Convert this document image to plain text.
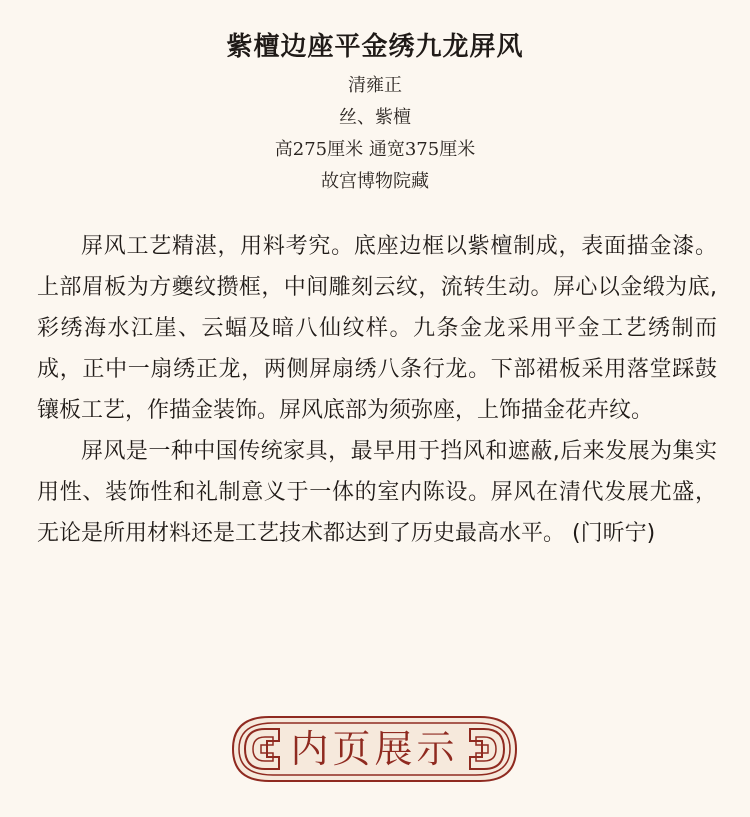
紫檀边座平金绣九龙屏风

清雍正

丝、紫檀

高275厘米 通宽375厘米

故宫博物院藏

屏风工艺精湛，用料考究。底座边框以紫檀制成，表面描金漆。上部眉板为方夔纹攒框，中间雕刻云纹，流转生动。屏心以金缎为底,彩绣海水江崖、云蝠及暗八仙纹样。九条金龙采用平金工艺绣制而成，正中一扇绣正龙，两侧屏扇绣八条行龙。下部裙板采用落堂踩鼓镶板工艺，作描金装饰。屏风底部为须弥座，上饰描金花卉纹。

屏风是一种中国传统家具，最早用于挡风和遮蔽,后来发展为集实用性、装饰性和礼制意义于一体的室内陈设。屏风在清代发展尤盛，无论是所用材料还是工艺技术都达到了历史最高水平。 (门昕宁)

内页展示
